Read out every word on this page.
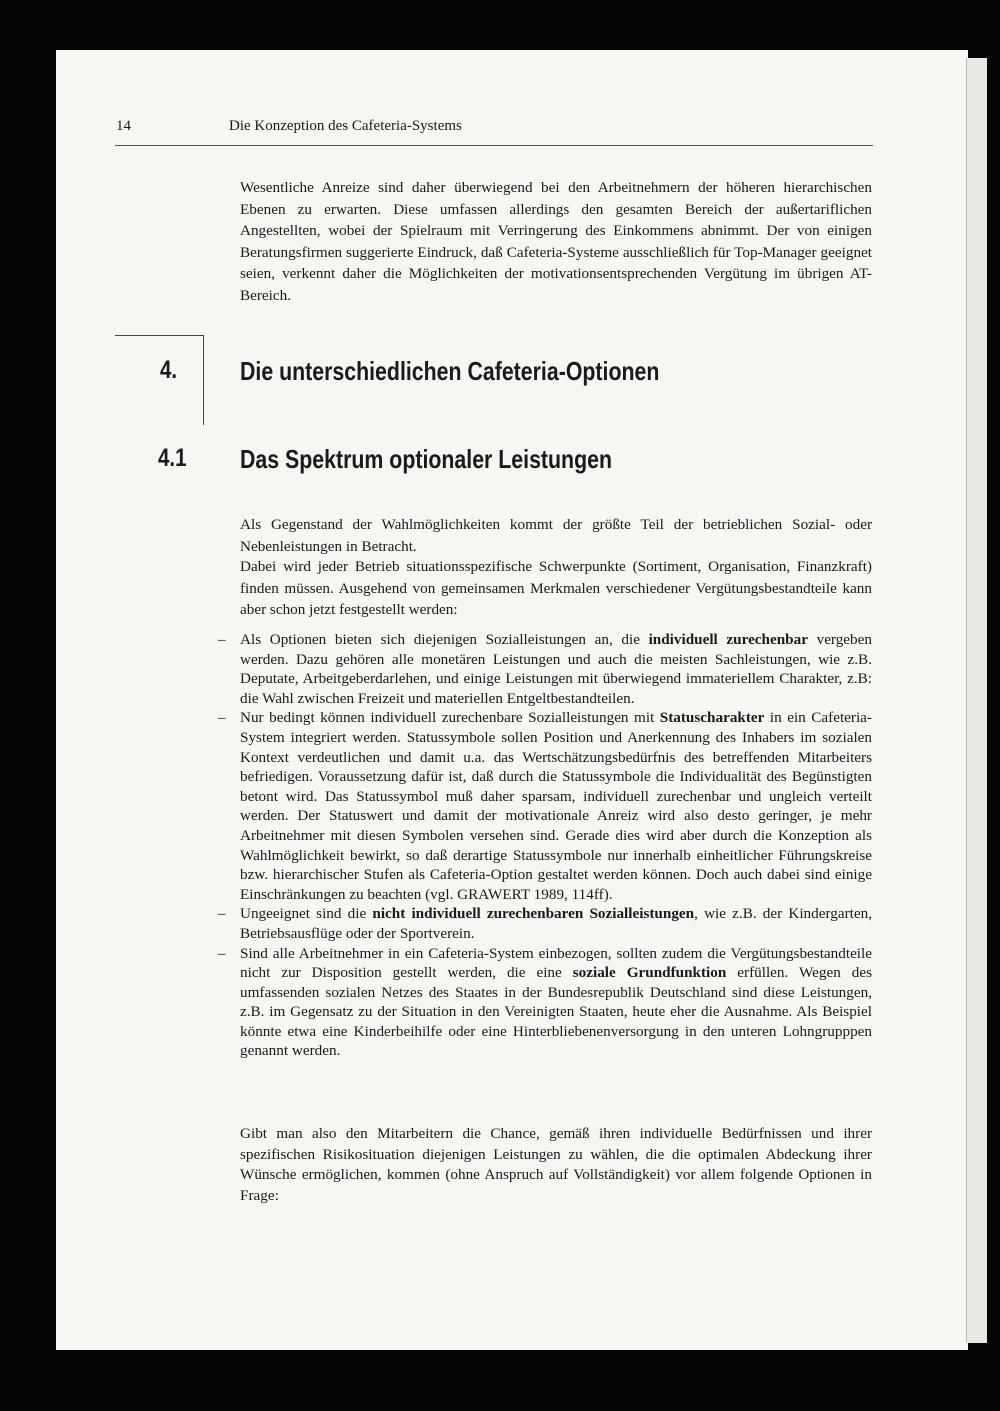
14	Die Konzeption des Cafeteria-Systems

Wesentliche Anreize sind daher überwiegend bei den Arbeitnehmern der höheren hierarchischen Ebenen zu erwarten. Diese umfassen allerdings den gesamten Bereich der außertariflichen Angestellten, wobei der Spielraum mit Verringerung des Einkommens abnimmt. Der von einigen Beratungsfirmen suggerierte Eindruck, daß Cafeteria-Systeme ausschließlich für Top-Manager geeignet seien, verkennt daher die Möglichkeiten der motivationsentsprechenden Vergütung im übrigen AT-Bereich.

4. Die unterschiedlichen Cafeteria-Optionen
4.1 Das Spektrum optionaler Leistungen

Als Gegenstand der Wahlmöglichkeiten kommt der größte Teil der betrieblichen Sozial- oder Nebenleistungen in Betracht.

Dabei wird jeder Betrieb situationsspezifische Schwerpunkte (Sortiment, Organisation, Finanzkraft) finden müssen. Ausgehend von gemeinsamen Merkmalen verschiedener Vergütungsbestandteile kann aber schon jetzt festgestellt werden:

– Als Optionen bieten sich diejenigen Sozialleistungen an, die individuell zurechenbar vergeben werden. Dazu gehören alle monetären Leistungen und auch die meisten Sachleistungen, wie z.B. Deputate, Arbeitgeberdarlehen, und einige Leistungen mit überwiegend immateriellem Charakter, z.B: die Wahl zwischen Freizeit und materiellen Entgeltbestandteilen.
– Nur bedingt können individuell zurechenbare Sozialleistungen mit Statuscharakter in ein Cafeteria-System integriert werden. Statussymbole sollen Position und Anerkennung des Inhabers im sozialen Kontext verdeutlichen und damit u.a. das Wertschätzungsbedürfnis des betreffenden Mitarbeiters befriedigen. Voraussetzung dafür ist, daß durch die Statussymbole die Individualität des Begünstigten betont wird. Das Statussymbol muß daher sparsam, individuell zurechenbar und ungleich verteilt werden. Der Statuswert und damit der motivationale Anreiz wird also desto geringer, je mehr Arbeitnehmer mit diesen Symbolen versehen sind. Gerade dies wird aber durch die Konzeption als Wahlmöglichkeit bewirkt, so daß derartige Statussymbole nur innerhalb einheitlicher Führungskreise bzw. hierarchischer Stufen als Cafeteria-Option gestaltet werden können. Doch auch dabei sind einige Einschränkungen zu beachten (vgl. GRAWERT 1989, 114ff).
– Ungeeignet sind die nicht individuell zurechenbaren Sozialleistungen, wie z.B. der Kindergarten, Betriebsausflüge oder der Sportverein.
– Sind alle Arbeitnehmer in ein Cafeteria-System einbezogen, sollten zudem die Vergütungsbestandteile nicht zur Disposition gestellt werden, die eine soziale Grundfunktion erfüllen. Wegen des umfassenden sozialen Netzes des Staates in der Bundesrepublik Deutschland sind diese Leistungen, z.B. im Gegensatz zu der Situation in den Vereinigten Staaten, heute eher die Ausnahme. Als Beispiel könnte etwa eine Kinderbeihilfe oder eine Hinterbliebenenversorgung in den unteren Lohngrupppen genannt werden.

Gibt man also den Mitarbeitern die Chance, gemäß ihren individuelle Bedürfnissen und ihrer spezifischen Risikosituation diejenigen Leistungen zu wählen, die die optimalen Abdeckung ihrer Wünsche ermöglichen, kommen (ohne Anspruch auf Vollständigkeit) vor allem folgende Optionen in Frage:
